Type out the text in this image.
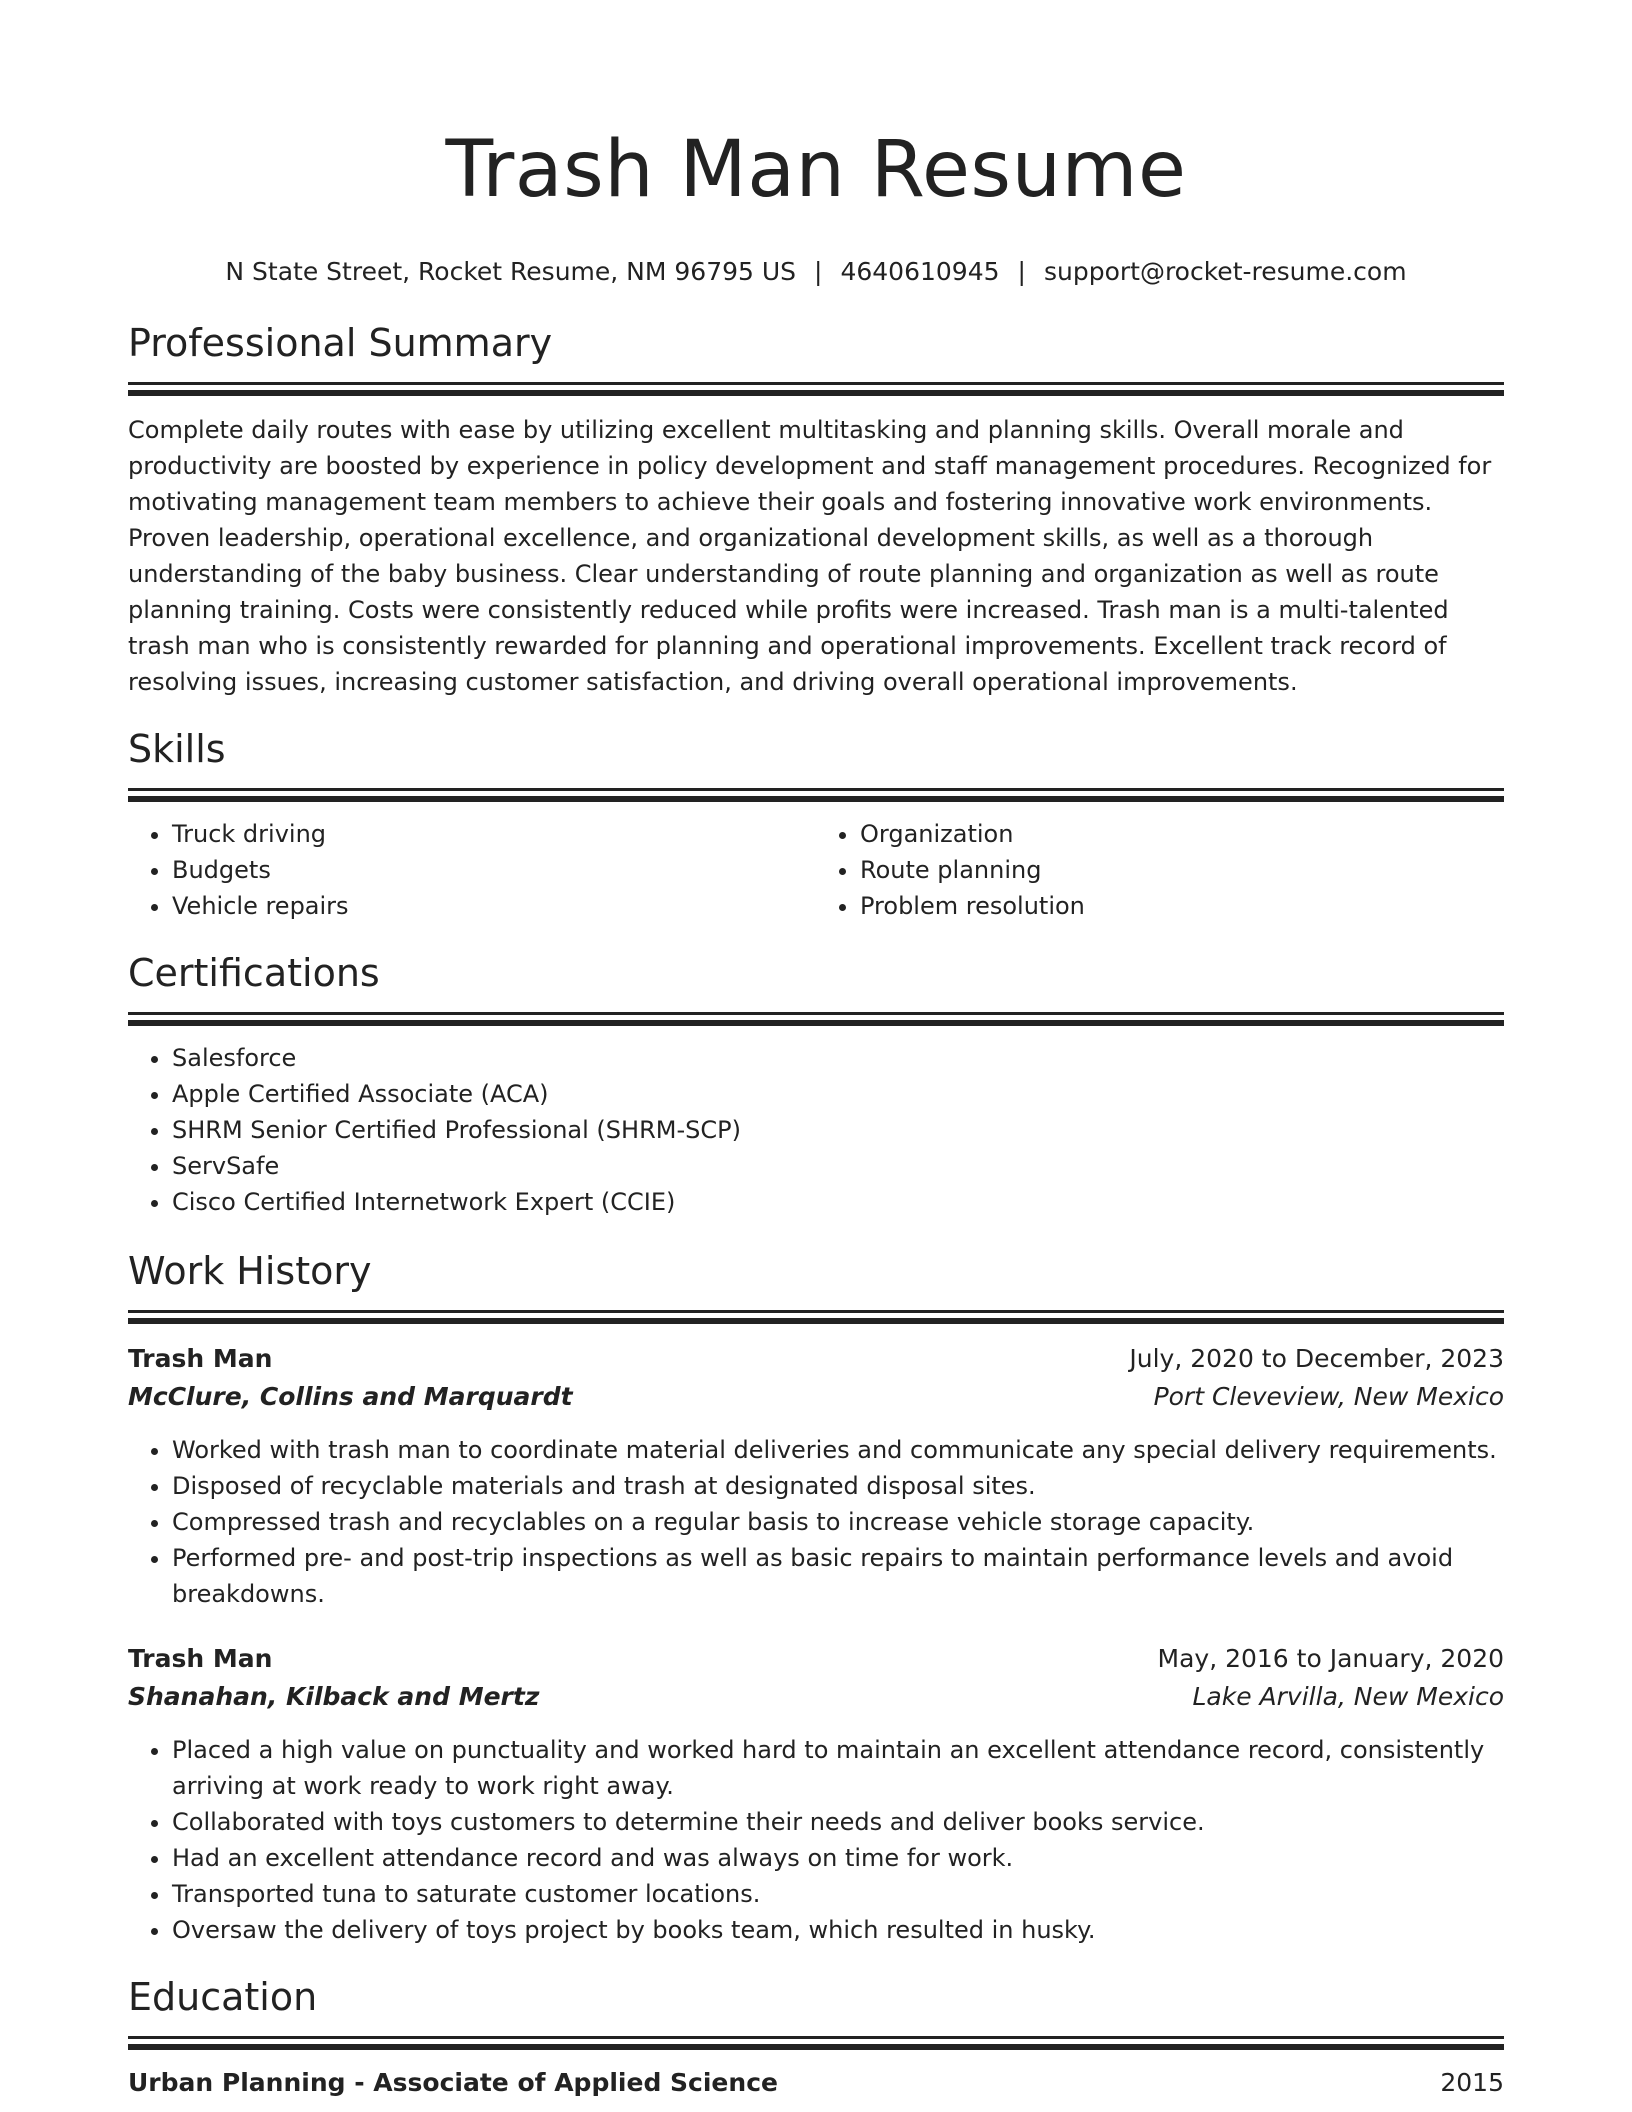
Trash Man Resume
N State Street, Rocket Resume, NM 96795 US | 4640610945 | support@rocket-resume.com
Professional Summary
Complete daily routes with ease by utilizing excellent multitasking and planning skills. Overall morale and productivity are boosted by experience in policy development and staff management procedures. Recognized for motivating management team members to achieve their goals and fostering innovative work environments. Proven leadership, operational excellence, and organizational development skills, as well as a thorough understanding of the baby business. Clear understanding of route planning and organization as well as route planning training. Costs were consistently reduced while profits were increased. Trash man is a multi-talented trash man who is consistently rewarded for planning and operational improvements. Excellent track record of resolving issues, increasing customer satisfaction, and driving overall operational improvements.
Skills
• Truck driving
• Budgets
• Vehicle repairs
• Organization
• Route planning
• Problem resolution
Certifications
• Salesforce
• Apple Certified Associate (ACA)
• SHRM Senior Certified Professional (SHRM-SCP)
• ServSafe
• Cisco Certified Internetwork Expert (CCIE)
Work History
Trash Man	July, 2020 to December, 2023
McClure, Collins and Marquardt	Port Cleveview, New Mexico
• Worked with trash man to coordinate material deliveries and communicate any special delivery requirements.
• Disposed of recyclable materials and trash at designated disposal sites.
• Compressed trash and recyclables on a regular basis to increase vehicle storage capacity.
• Performed pre- and post-trip inspections as well as basic repairs to maintain performance levels and avoid breakdowns.
Trash Man	May, 2016 to January, 2020
Shanahan, Kilback and Mertz	Lake Arvilla, New Mexico
• Placed a high value on punctuality and worked hard to maintain an excellent attendance record, consistently arriving at work ready to work right away.
• Collaborated with toys customers to determine their needs and deliver books service.
• Had an excellent attendance record and was always on time for work.
• Transported tuna to saturate customer locations.
• Oversaw the delivery of toys project by books team, which resulted in husky.
Education
Urban Planning - Associate of Applied Science	2015
